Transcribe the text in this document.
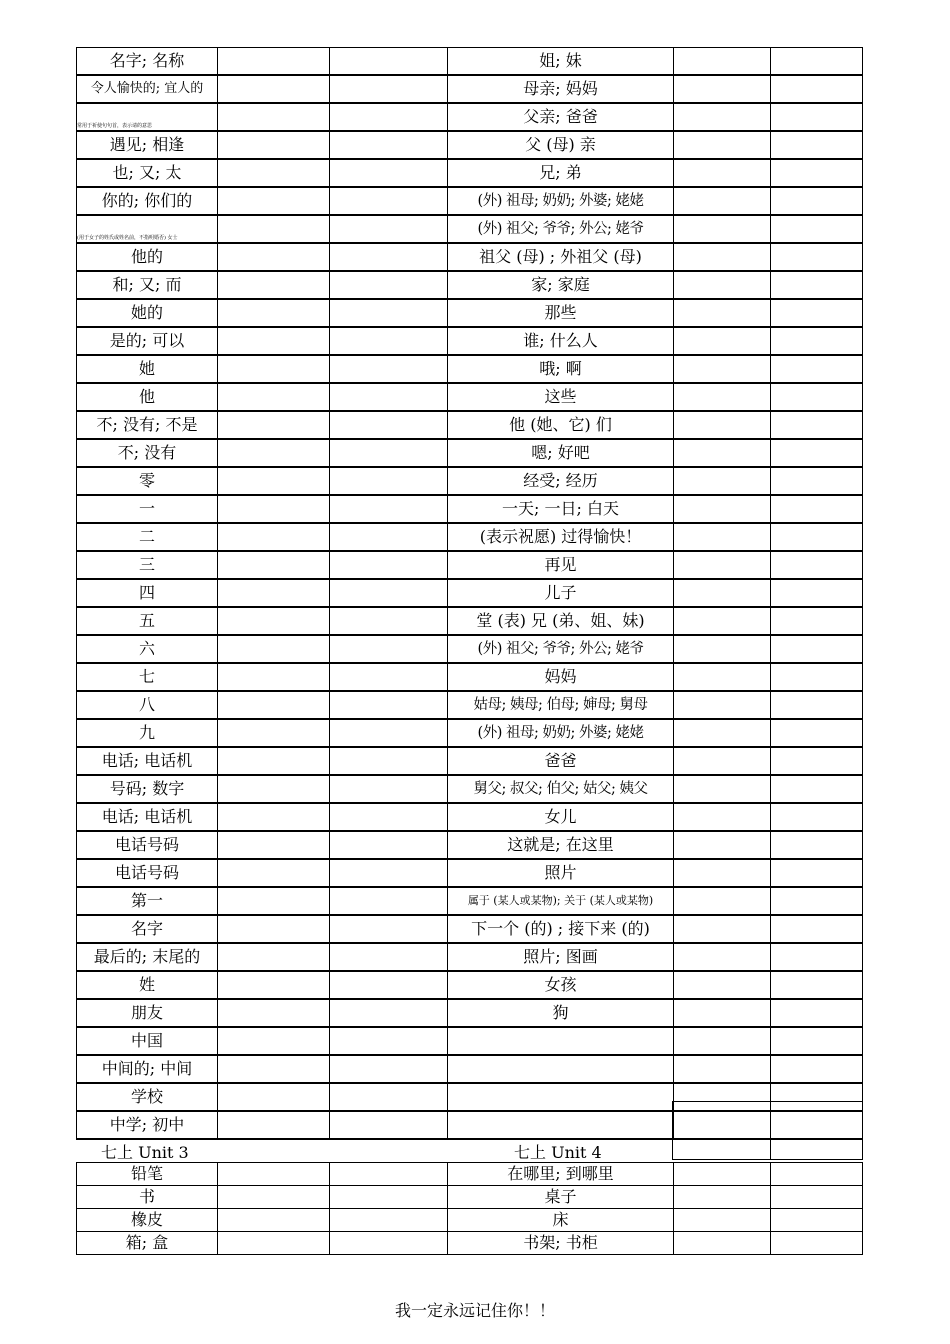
名字; 名称			姐; 妹		
令人愉快的; 宜人的			母亲; 妈妈		
常用于祈使句句首，表示请的意思			父亲; 爸爸		
遇见; 相逢			父 (母) 亲		
也; 又; 太			兄; 弟		
你的; 你们的			(外) 祖母; 奶奶; 外婆; 姥姥		
(用于女子的姓氏或姓名前，不指明婚否) 女士			(外) 祖父; 爷爷; 外公; 姥爷		
他的			祖父 (母) ; 外祖父 (母)		
和; 又; 而			家; 家庭		
她的			那些		
是的; 可以			谁; 什么人		
她			哦; 啊		
他			这些		
不; 没有; 不是			他 (她、它) 们		
不; 没有			嗯; 好吧		
零			经受; 经历		
一			一天; 一日; 白天		
二			(表示祝愿) 过得愉快！		
三			再见		
四			儿子		
五			堂 (表) 兄 (弟、姐、妹)		
六			(外) 祖父; 爷爷; 外公; 姥爷		
七			妈妈		
八			姑母; 姨母; 伯母; 婶母; 舅母		
九			(外) 祖母; 奶奶; 外婆; 姥姥		
电话; 电话机			爸爸		
号码; 数字			舅父; 叔父; 伯父; 姑父; 姨父		
电话; 电话机			女儿		
电话号码			这就是; 在这里		
电话号码			照片		
第一			属于 (某人或某物); 关于 (某人或某物)		
名字			下一个 (的) ; 接下来 (的)		
最后的; 末尾的			照片; 图画		
姓			女孩		
朋友			狗		
中国					
中间的; 中间					
学校					
中学; 初中					

七上 Unit 3	七上 Unit 4
铅笔			在哪里; 到哪里		
书			桌子		
橡皮			床		
箱; 盒			书架; 书柜		
我一定永远记住你！！
